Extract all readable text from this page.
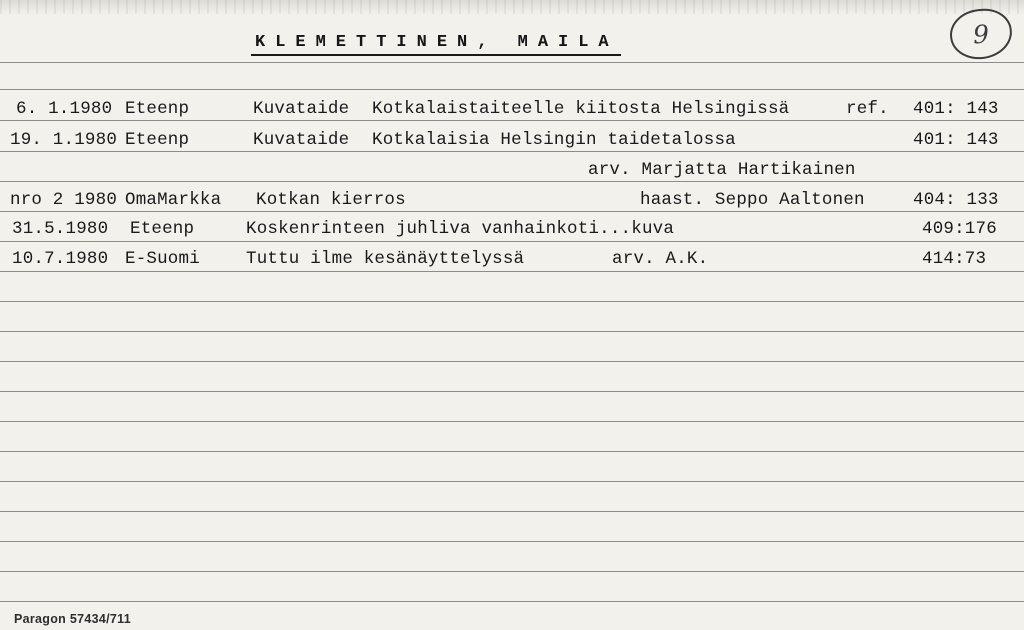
9
KLEMETTINEN, MAILA
6. 1.1980 Eteenp	Kuvataide Kotkalaistaiteelle kiitosta Helsingissä	ref. 401: 143
19. 1.1980 Eteenp	Kuvataide Kotkalaisia Helsingin taidetalossa	401: 143
arv. Marjatta Hartikainen
nro 2 1980 OmaMarkka Kotkan kierros	haast. Seppo Aaltonen	404: 133
31.5.1980 Eteenp	Koskenrinteen juhliva vanhainkoti...kuva	409:176
10.7.1980 E-Suomi	Tuttu ilme kesänäyttelyssä	arv. A.K.	414:73
Paragon 57434/711
